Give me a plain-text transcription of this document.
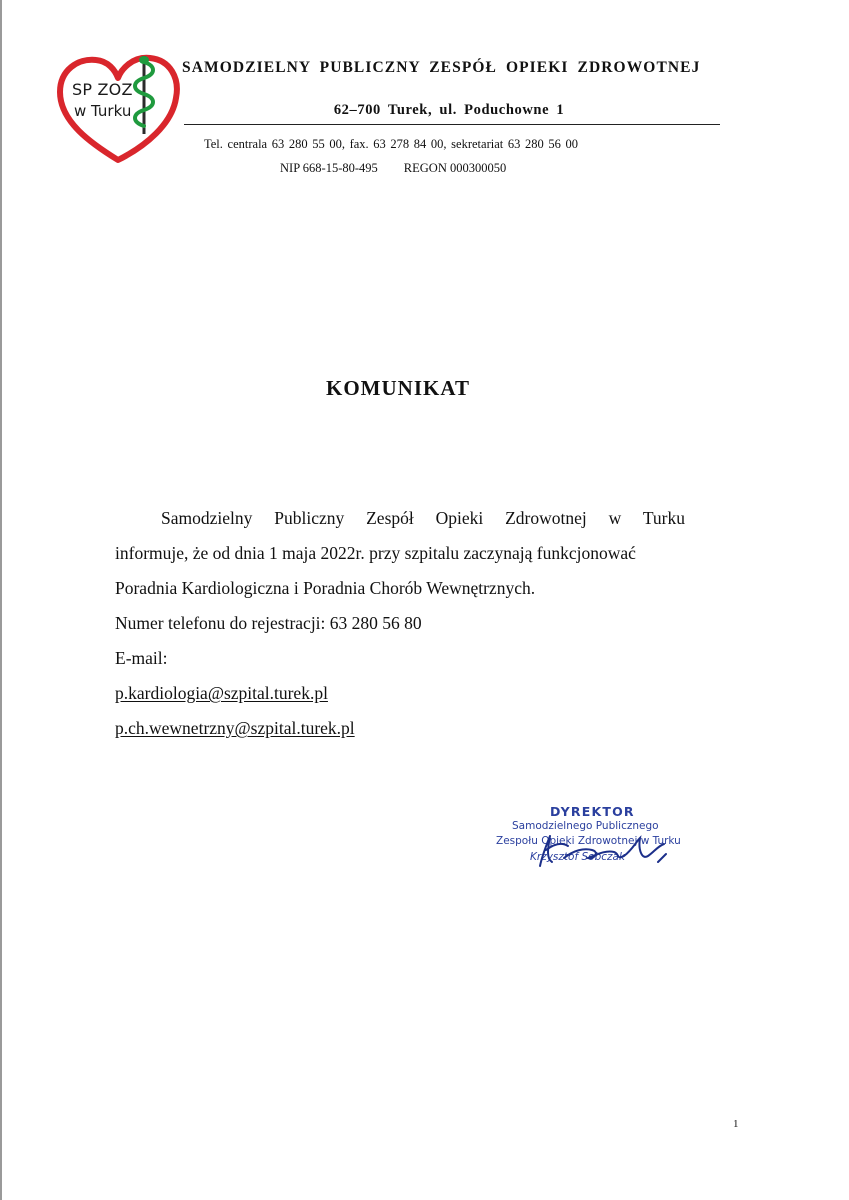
SP ZOZ
w Turku
SAMODZIELNY PUBLICZNY ZESPÓŁ OPIEKI ZDROWOTNEJ
62–700 Turek, ul. Poduchowne 1
Tel. centrala 63 280 55 00, fax. 63 278 84 00, sekretariat 63 280 56 00
NIP 668-15-80-495 REGON 000300050
KOMUNIKAT
Samodzielny Publiczny Zespół Opieki Zdrowotnej w Turku
informuje, że od dnia 1 maja 2022r. przy szpitalu zaczynają funkcjonować
Poradnia Kardiologiczna i Poradnia Chorób Wewnętrznych.
Numer telefonu do rejestracji: 63 280 56 80
E-mail:
p.kardiologia@szpital.turek.pl
p.ch.wewnetrzny@szpital.turek.pl
DYREKTOR
Samodzielnego Publicznego
Zespołu Opieki Zdrowotnej w Turku
Krzysztof Sobczak
1
